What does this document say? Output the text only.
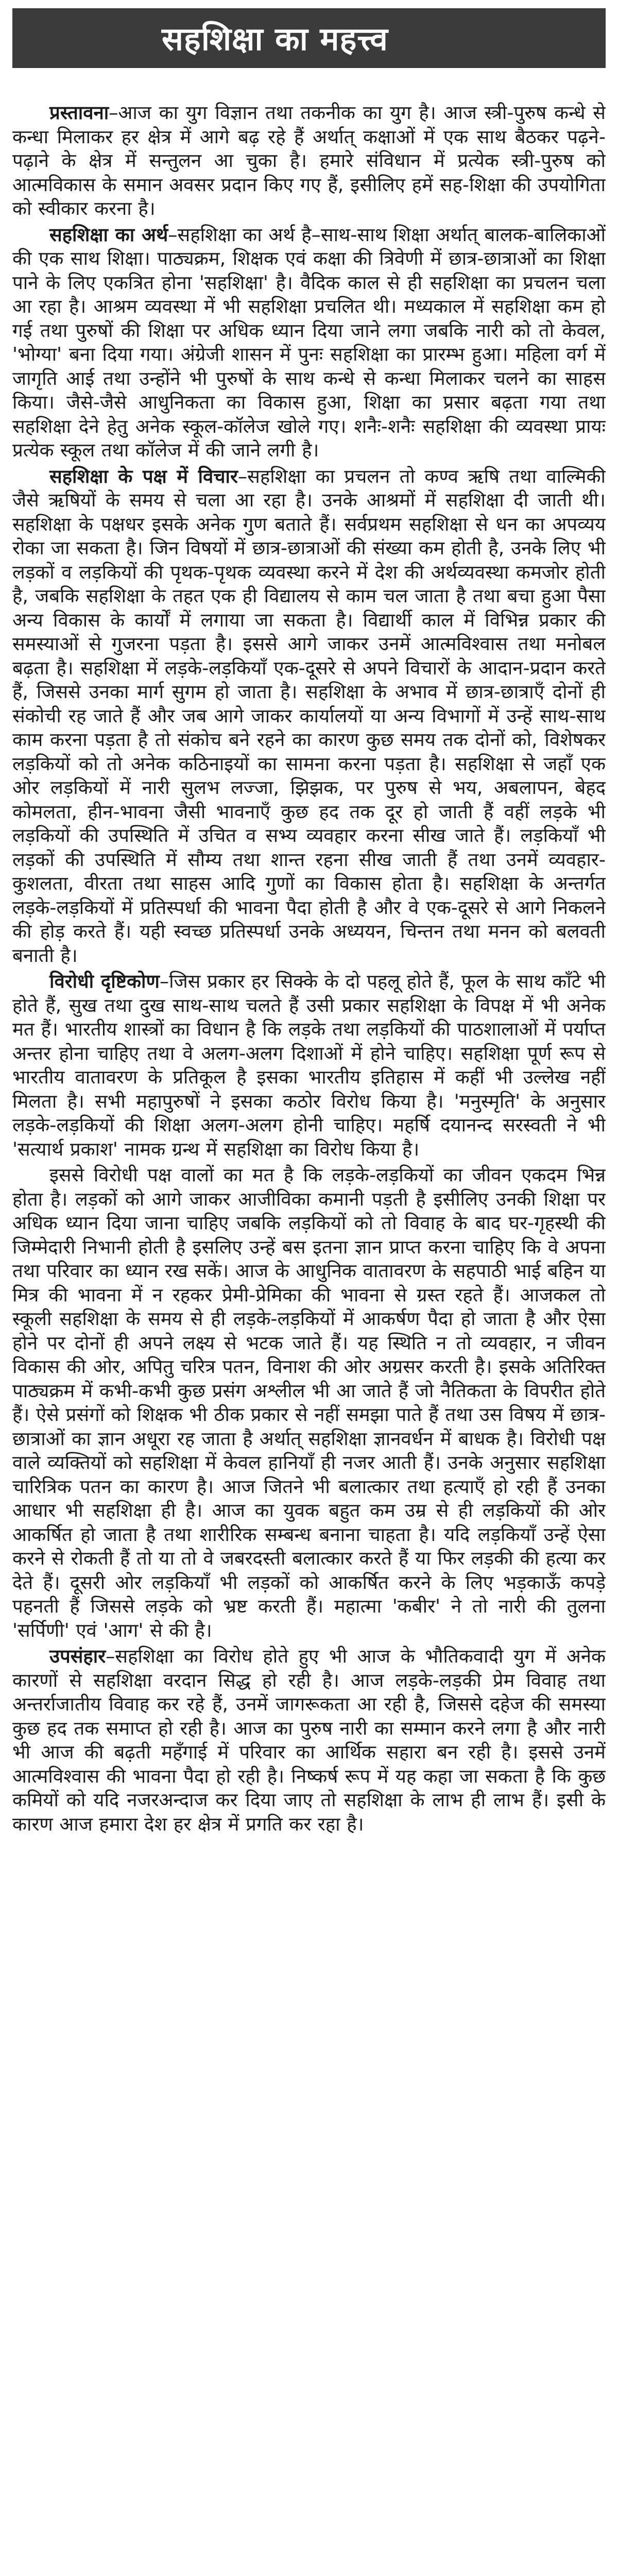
सहशिक्षा का महत्त्व

प्रस्तावना–आज का युग विज्ञान तथा तकनीक का युग है। आज स्त्री-पुरुष कन्धे से कन्धा मिलाकर हर क्षेत्र में आगे बढ़ रहे हैं अर्थात् कक्षाओं में एक साथ बैठकर पढ़ने-पढ़ाने के क्षेत्र में सन्तुलन आ चुका है। हमारे संविधान में प्रत्येक स्त्री-पुरुष को आत्मविकास के समान अवसर प्रदान किए गए हैं, इसीलिए हमें सह-शिक्षा की उपयोगिता को स्वीकार करना है।

सहशिक्षा का अर्थ–सहशिक्षा का अर्थ है–साथ-साथ शिक्षा अर्थात् बालक-बालिकाओं की एक साथ शिक्षा। पाठ्यक्रम, शिक्षक एवं कक्षा की त्रिवेणी में छात्र-छात्राओं का शिक्षा पाने के लिए एकत्रित होना 'सहशिक्षा' है। वैदिक काल से ही सहशिक्षा का प्रचलन चला आ रहा है। आश्रम व्यवस्था में भी सहशिक्षा प्रचलित थी। मध्यकाल में सहशिक्षा कम हो गई तथा पुरुषों की शिक्षा पर अधिक ध्यान दिया जाने लगा जबकि नारी को तो केवल, 'भोग्या' बना दिया गया। अंग्रेजी शासन में पुनः सहशिक्षा का प्रारम्भ हुआ। महिला वर्ग में जागृति आई तथा उन्होंने भी पुरुषों के साथ कन्धे से कन्धा मिलाकर चलने का साहस किया। जैसे-जैसे आधुनिकता का विकास हुआ, शिक्षा का प्रसार बढ़ता गया तथा सहशिक्षा देने हेतु अनेक स्कूल-कॉलेज खोले गए। शनैः-शनैः सहशिक्षा की व्यवस्था प्रायः प्रत्येक स्कूल तथा कॉलेज में की जाने लगी है।

सहशिक्षा के पक्ष में विचार–सहशिक्षा का प्रचलन तो कण्व ऋषि तथा वाल्मिकी जैसे ऋषियों के समय से चला आ रहा है। उनके आश्रमों में सहशिक्षा दी जाती थी। सहशिक्षा के पक्षधर इसके अनेक गुण बताते हैं। सर्वप्रथम सहशिक्षा से धन का अपव्यय रोका जा सकता है। जिन विषयों में छात्र-छात्राओं की संख्या कम होती है, उनके लिए भी लड़कों व लड़कियों की पृथक-पृथक व्यवस्था करने में देश की अर्थव्यवस्था कमजोर होती है, जबकि सहशिक्षा के तहत एक ही विद्यालय से काम चल जाता है तथा बचा हुआ पैसा अन्य विकास के कार्यों में लगाया जा सकता है। विद्यार्थी काल में विभिन्न प्रकार की समस्याओं से गुजरना पड़ता है। इससे आगे जाकर उनमें आत्मविश्वास तथा मनोबल बढ़ता है। सहशिक्षा में लड़के-लड़कियाँ एक-दूसरे से अपने विचारों के आदान-प्रदान करते हैं, जिससे उनका मार्ग सुगम हो जाता है। सहशिक्षा के अभाव में छात्र-छात्राएँ दोनों ही संकोची रह जाते हैं और जब आगे जाकर कार्यालयों या अन्य विभागों में उन्हें साथ-साथ काम करना पड़ता है तो संकोच बने रहने का कारण कुछ समय तक दोनों को, विशेषकर लड़कियों को तो अनेक कठिनाइयों का सामना करना पड़ता है। सहशिक्षा से जहाँ एक ओर लड़कियों में नारी सुलभ लज्जा, झिझक, पर पुरुष से भय, अबलापन, बेहद कोमलता, हीन-भावना जैसी भावनाएँ कुछ हद तक दूर हो जाती हैं वहीं लड़के भी लड़कियों की उपस्थिति में उचित व सभ्य व्यवहार करना सीख जाते हैं। लड़कियाँ भी लड़कों की उपस्थिति में सौम्य तथा शान्त रहना सीख जाती हैं तथा उनमें व्यवहार-कुशलता, वीरता तथा साहस आदि गुणों का विकास होता है। सहशिक्षा के अन्तर्गत लड़के-लड़कियों में प्रतिस्पर्धा की भावना पैदा होती है और वे एक-दूसरे से आगे निकलने की होड़ करते हैं। यही स्वच्छ प्रतिस्पर्धा उनके अध्ययन, चिन्तन तथा मनन को बलवती बनाती है।

विरोधी दृष्टिकोण–जिस प्रकार हर सिक्के के दो पहलू होते हैं, फूल के साथ काँटे भी होते हैं, सुख तथा दुख साथ-साथ चलते हैं उसी प्रकार सहशिक्षा के विपक्ष में भी अनेक मत हैं। भारतीय शास्त्रों का विधान है कि लड़के तथा लड़कियों की पाठशालाओं में पर्याप्त अन्तर होना चाहिए तथा वे अलग-अलग दिशाओं में होने चाहिए। सहशिक्षा पूर्ण रूप से भारतीय वातावरण के प्रतिकूल है इसका भारतीय इतिहास में कहीं भी उल्लेख नहीं मिलता है। सभी महापुरुषों ने इसका कठोर विरोध किया है। 'मनुस्मृति' के अनुसार लड़के-लड़कियों की शिक्षा अलग-अलग होनी चाहिए। महर्षि दयानन्द सरस्वती ने भी 'सत्यार्थ प्रकाश' नामक ग्रन्थ में सहशिक्षा का विरोध किया है।

इससे विरोधी पक्ष वालों का मत है कि लड़के-लड़कियों का जीवन एकदम भिन्न होता है। लड़कों को आगे जाकर आजीविका कमानी पड़ती है इसीलिए उनकी शिक्षा पर अधिक ध्यान दिया जाना चाहिए जबकि लड़कियों को तो विवाह के बाद घर-गृहस्थी की जिम्मेदारी निभानी होती है इसलिए उन्हें बस इतना ज्ञान प्राप्त करना चाहिए कि वे अपना तथा परिवार का ध्यान रख सकें। आज के आधुनिक वातावरण के सहपाठी भाई बहिन या मित्र की भावना में न रहकर प्रेमी-प्रेमिका की भावना से ग्रस्त रहते हैं। आजकल तो स्कूली सहशिक्षा के समय से ही लड़के-लड़कियों में आकर्षण पैदा हो जाता है और ऐसा होने पर दोनों ही अपने लक्ष्य से भटक जाते हैं। यह स्थिति न तो व्यवहार, न जीवन विकास की ओर, अपितु चरित्र पतन, विनाश की ओर अग्रसर करती है। इसके अतिरिक्त पाठ्यक्रम में कभी-कभी कुछ प्रसंग अश्लील भी आ जाते हैं जो नैतिकता के विपरीत होते हैं। ऐसे प्रसंगों को शिक्षक भी ठीक प्रकार से नहीं समझा पाते हैं तथा उस विषय में छात्र-छात्राओं का ज्ञान अधूरा रह जाता है अर्थात् सहशिक्षा ज्ञानवर्धन में बाधक है। विरोधी पक्ष वाले व्यक्तियों को सहशिक्षा में केवल हानियाँ ही नजर आती हैं। उनके अनुसार सहशिक्षा चारित्रिक पतन का कारण है। आज जितने भी बलात्कार तथा हत्याएँ हो रही हैं उनका आधार भी सहशिक्षा ही है। आज का युवक बहुत कम उम्र से ही लड़कियों की ओर आकर्षित हो जाता है तथा शारीरिक सम्बन्ध बनाना चाहता है। यदि लड़कियाँ उन्हें ऐसा करने से रोकती हैं तो या तो वे जबरदस्ती बलात्कार करते हैं या फिर लड़की की हत्या कर देते हैं। दूसरी ओर लड़कियाँ भी लड़कों को आकर्षित करने के लिए भड़काऊँ कपड़े पहनती हैं जिससे लड़के को भ्रष्ट करती हैं। महात्मा 'कबीर' ने तो नारी की तुलना 'सर्पिणी' एवं 'आग' से की है।

उपसंहार–सहशिक्षा का विरोध होते हुए भी आज के भौतिकवादी युग में अनेक कारणों से सहशिक्षा वरदान सिद्ध हो रही है। आज लड़के-लड़की प्रेम विवाह तथा अन्तर्राजातीय विवाह कर रहे हैं, उनमें जागरूकता आ रही है, जिससे दहेज की समस्या कुछ हद तक समाप्त हो रही है। आज का पुरुष नारी का सम्मान करने लगा है और नारी भी आज की बढ़ती महँगाई में परिवार का आर्थिक सहारा बन रही है। इससे उनमें आत्मविश्वास की भावना पैदा हो रही है। निष्कर्ष रूप में यह कहा जा सकता है कि कुछ कमियों को यदि नजरअन्दाज कर दिया जाए तो सहशिक्षा के लाभ ही लाभ हैं। इसी के कारण आज हमारा देश हर क्षेत्र में प्रगति कर रहा है।
